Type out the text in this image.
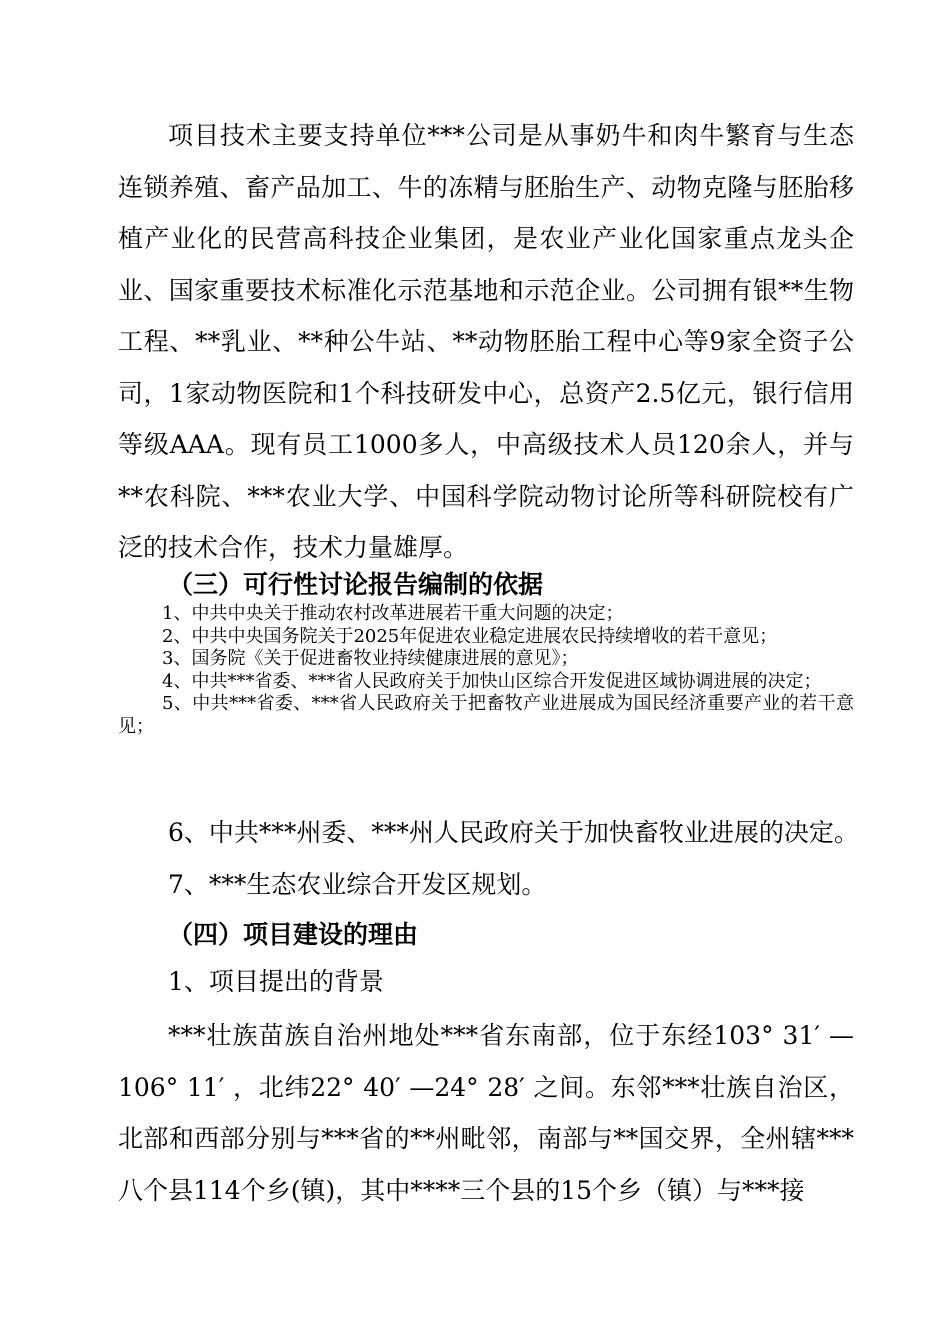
项目技术主要支持单位***公司是从事奶牛和肉牛繁育与生态连锁养殖、畜产品加工、牛的冻精与胚胎生产、动物克隆与胚胎移植产业化的民营高科技企业集团，是农业产业化国家重点龙头企业、国家重要技术标准化示范基地和示范企业。公司拥有银**生物工程、**乳业、**种公牛站、**动物胚胎工程中心等9家全资子公司，1家动物医院和1个科技研发中心，总资产2.5亿元，银行信用等级AAA。现有员工1000多人，中高级技术人员120余人，并与**农科院、***农业大学、中国科学院动物讨论所等科研院校有广泛的技术合作，技术力量雄厚。

（三）可行性讨论报告编制的依据
1、中共中央关于推动农村改革进展若干重大问题的决定；
2、中共中央国务院关于2025年促进农业稳定进展农民持续增收的若干意见；
3、国务院《关于促进畜牧业持续健康进展的意见》；
4、中共***省委、***省人民政府关于加快山区综合开发促进区域协调进展的决定；
5、中共***省委、***省人民政府关于把畜牧产业进展成为国民经济重要产业的若干意见；

6、中共***州委、***州人民政府关于加快畜牧业进展的决定。

7、***生态农业综合开发区规划。

（四）项目建设的理由

1、项目提出的背景

***壮族苗族自治州地处***省东南部，位于东经103° 31′ —106° 11′ ，北纬22° 40′ —24° 28′ 之间。东邻***壮族自治区，北部和西部分别与***省的**州毗邻，南部与**国交界，全州辖***八个县114个乡(镇)，其中****三个县的15个乡（镇）与***接
